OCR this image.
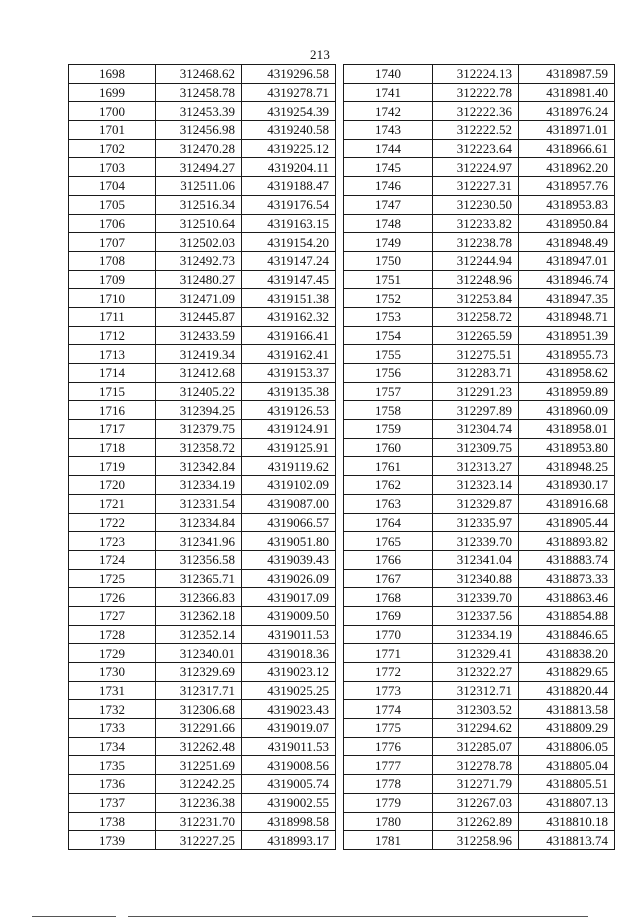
213
1698	312468.62	4319296.58
1699	312458.78	4319278.71
1700	312453.39	4319254.39
1701	312456.98	4319240.58
1702	312470.28	4319225.12
1703	312494.27	4319204.11
1704	312511.06	4319188.47
1705	312516.34	4319176.54
1706	312510.64	4319163.15
1707	312502.03	4319154.20
1708	312492.73	4319147.24
1709	312480.27	4319147.45
1710	312471.09	4319151.38
1711	312445.87	4319162.32
1712	312433.59	4319166.41
1713	312419.34	4319162.41
1714	312412.68	4319153.37
1715	312405.22	4319135.38
1716	312394.25	4319126.53
1717	312379.75	4319124.91
1718	312358.72	4319125.91
1719	312342.84	4319119.62
1720	312334.19	4319102.09
1721	312331.54	4319087.00
1722	312334.84	4319066.57
1723	312341.96	4319051.80
1724	312356.58	4319039.43
1725	312365.71	4319026.09
1726	312366.83	4319017.09
1727	312362.18	4319009.50
1728	312352.14	4319011.53
1729	312340.01	4319018.36
1730	312329.69	4319023.12
1731	312317.71	4319025.25
1732	312306.68	4319023.43
1733	312291.66	4319019.07
1734	312262.48	4319011.53
1735	312251.69	4319008.56
1736	312242.25	4319005.74
1737	312236.38	4319002.55
1738	312231.70	4318998.58
1739	312227.25	4318993.17
1740	312224.13	4318987.59
1741	312222.78	4318981.40
1742	312222.36	4318976.24
1743	312222.52	4318971.01
1744	312223.64	4318966.61
1745	312224.97	4318962.20
1746	312227.31	4318957.76
1747	312230.50	4318953.83
1748	312233.82	4318950.84
1749	312238.78	4318948.49
1750	312244.94	4318947.01
1751	312248.96	4318946.74
1752	312253.84	4318947.35
1753	312258.72	4318948.71
1754	312265.59	4318951.39
1755	312275.51	4318955.73
1756	312283.71	4318958.62
1757	312291.23	4318959.89
1758	312297.89	4318960.09
1759	312304.74	4318958.01
1760	312309.75	4318953.80
1761	312313.27	4318948.25
1762	312323.14	4318930.17
1763	312329.87	4318916.68
1764	312335.97	4318905.44
1765	312339.70	4318893.82
1766	312341.04	4318883.74
1767	312340.88	4318873.33
1768	312339.70	4318863.46
1769	312337.56	4318854.88
1770	312334.19	4318846.65
1771	312329.41	4318838.20
1772	312322.27	4318829.65
1773	312312.71	4318820.44
1774	312303.52	4318813.58
1775	312294.62	4318809.29
1776	312285.07	4318806.05
1777	312278.78	4318805.04
1778	312271.79	4318805.51
1779	312267.03	4318807.13
1780	312262.89	4318810.18
1781	312258.96	4318813.74
